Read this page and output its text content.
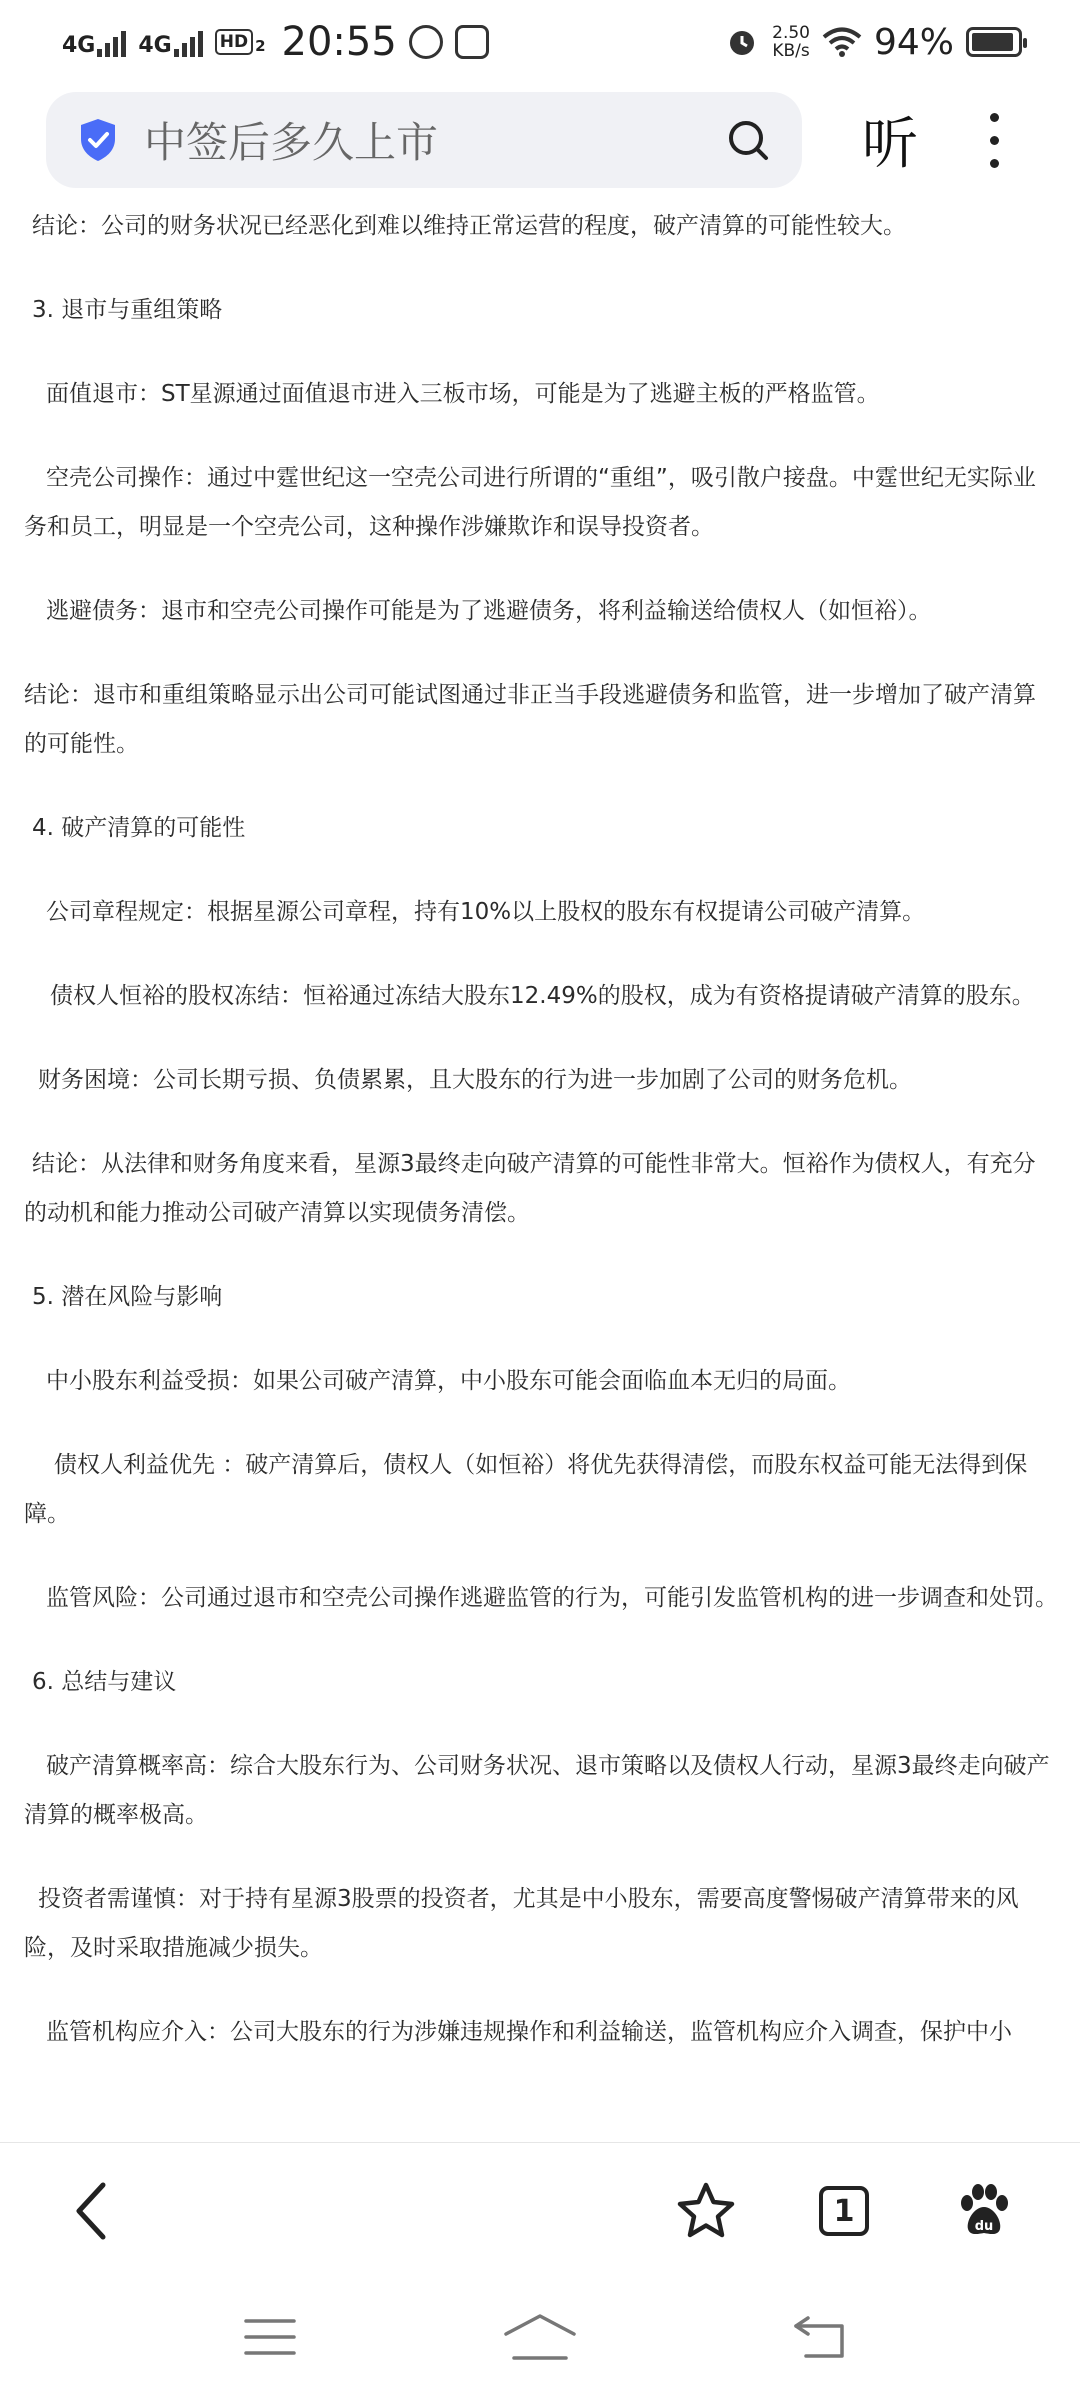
4G 4G	HD 2 20:55	2.50
KB/s 94%
中签后多久上市	听

结论：公司的财务状况已经恶化到难以维持正常运营的程度，破产清算的可能性较大。

3. 退市与重组策略

面值退市：ST星源通过面值退市进入三板市场，可能是为了逃避主板的严格监管。

空壳公司操作：通过中霆世纪这一空壳公司进行所谓的“重组”，吸引散户接盘。中霆世纪无实际业务和员工，明显是一个空壳公司，这种操作涉嫌欺诈和误导投资者。

逃避债务：退市和空壳公司操作可能是为了逃避债务，将利益输送给债权人（如恒裕）。

结论：退市和重组策略显示出公司可能试图通过非正当手段逃避债务和监管，进一步增加了破产清算的可能性。

4. 破产清算的可能性

公司章程规定：根据星源公司章程，持有10%以上股权的股东有权提请公司破产清算。

债权人恒裕的股权冻结：恒裕通过冻结大股东12.49%的股权，成为有资格提请破产清算的股东。

财务困境：公司长期亏损、负债累累，且大股东的行为进一步加剧了公司的财务危机。

结论：从法律和财务角度来看，星源3最终走向破产清算的可能性非常大。恒裕作为债权人，有充分的动机和能力推动公司破产清算以实现债务清偿。

5. 潜在风险与影响

中小股东利益受损：如果公司破产清算，中小股东可能会面临血本无归的局面。

债权人利益优先 ：破产清算后，债权人（如恒裕）将优先获得清偿，而股东权益可能无法得到保障。

监管风险：公司通过退市和空壳公司操作逃避监管的行为，可能引发监管机构的进一步调查和处罚。

6. 总结与建议

破产清算概率高：综合大股东行为、公司财务状况、退市策略以及债权人行动，星源3最终走向破产清算的概率极高。

投资者需谨慎：对于持有星源3股票的投资者，尤其是中小股东，需要高度警惕破产清算带来的风险，及时采取措施减少损失。

监管机构应介入：公司大股东的行为涉嫌违规操作和利益输送，监管机构应介入调查，保护中小

1	du
